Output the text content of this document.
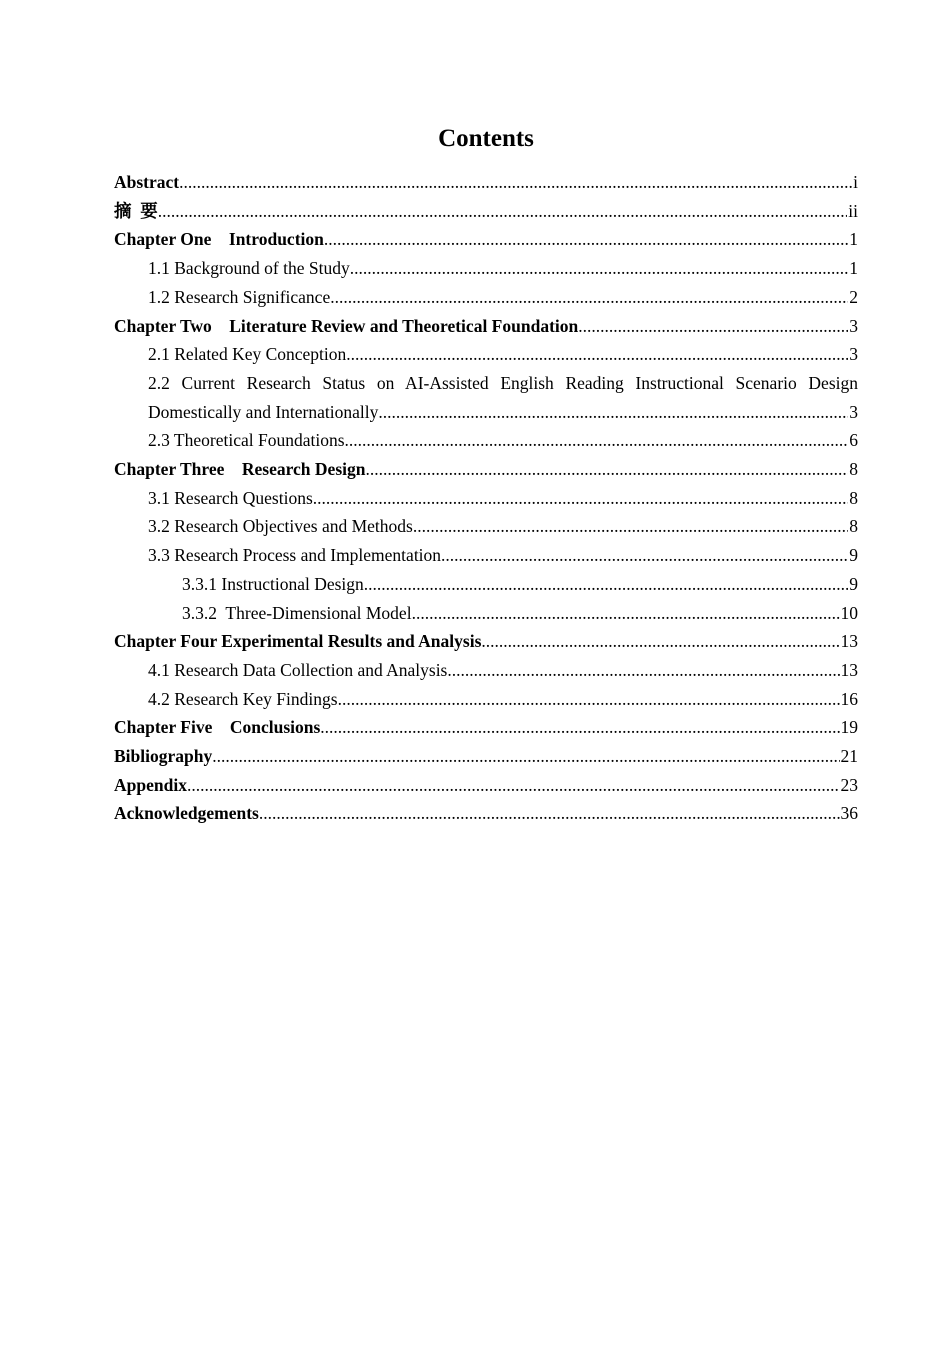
Contents
Abstract .....	i
摘  要 .....	ii
Chapter One    Introduction .....	1
1.1 Background of the Study .....	1
1.2 Research Significance .....	2
Chapter Two    Literature Review and Theoretical Foundation .....	3
2.1 Related Key Conception .....	3
2.2 Current Research Status on AI-Assisted English Reading Instructional Scenario Design
Domestically and Internationally .....	3
2.3 Theoretical Foundations .....	6
Chapter Three    Research Design .....	8
3.1 Research Questions .....	8
3.2 Research Objectives and Methods .....	8
3.3 Research Process and Implementation .....	9
3.3.1 Instructional Design .....	9
3.3.2  Three-Dimensional Model .....	10
Chapter Four Experimental Results and Analysis .....	13
4.1 Research Data Collection and Analysis .....	13
4.2 Research Key Findings .....	16
Chapter Five    Conclusions .....	19
Bibliography .....	21
Appendix .....	23
Acknowledgements .....	36
